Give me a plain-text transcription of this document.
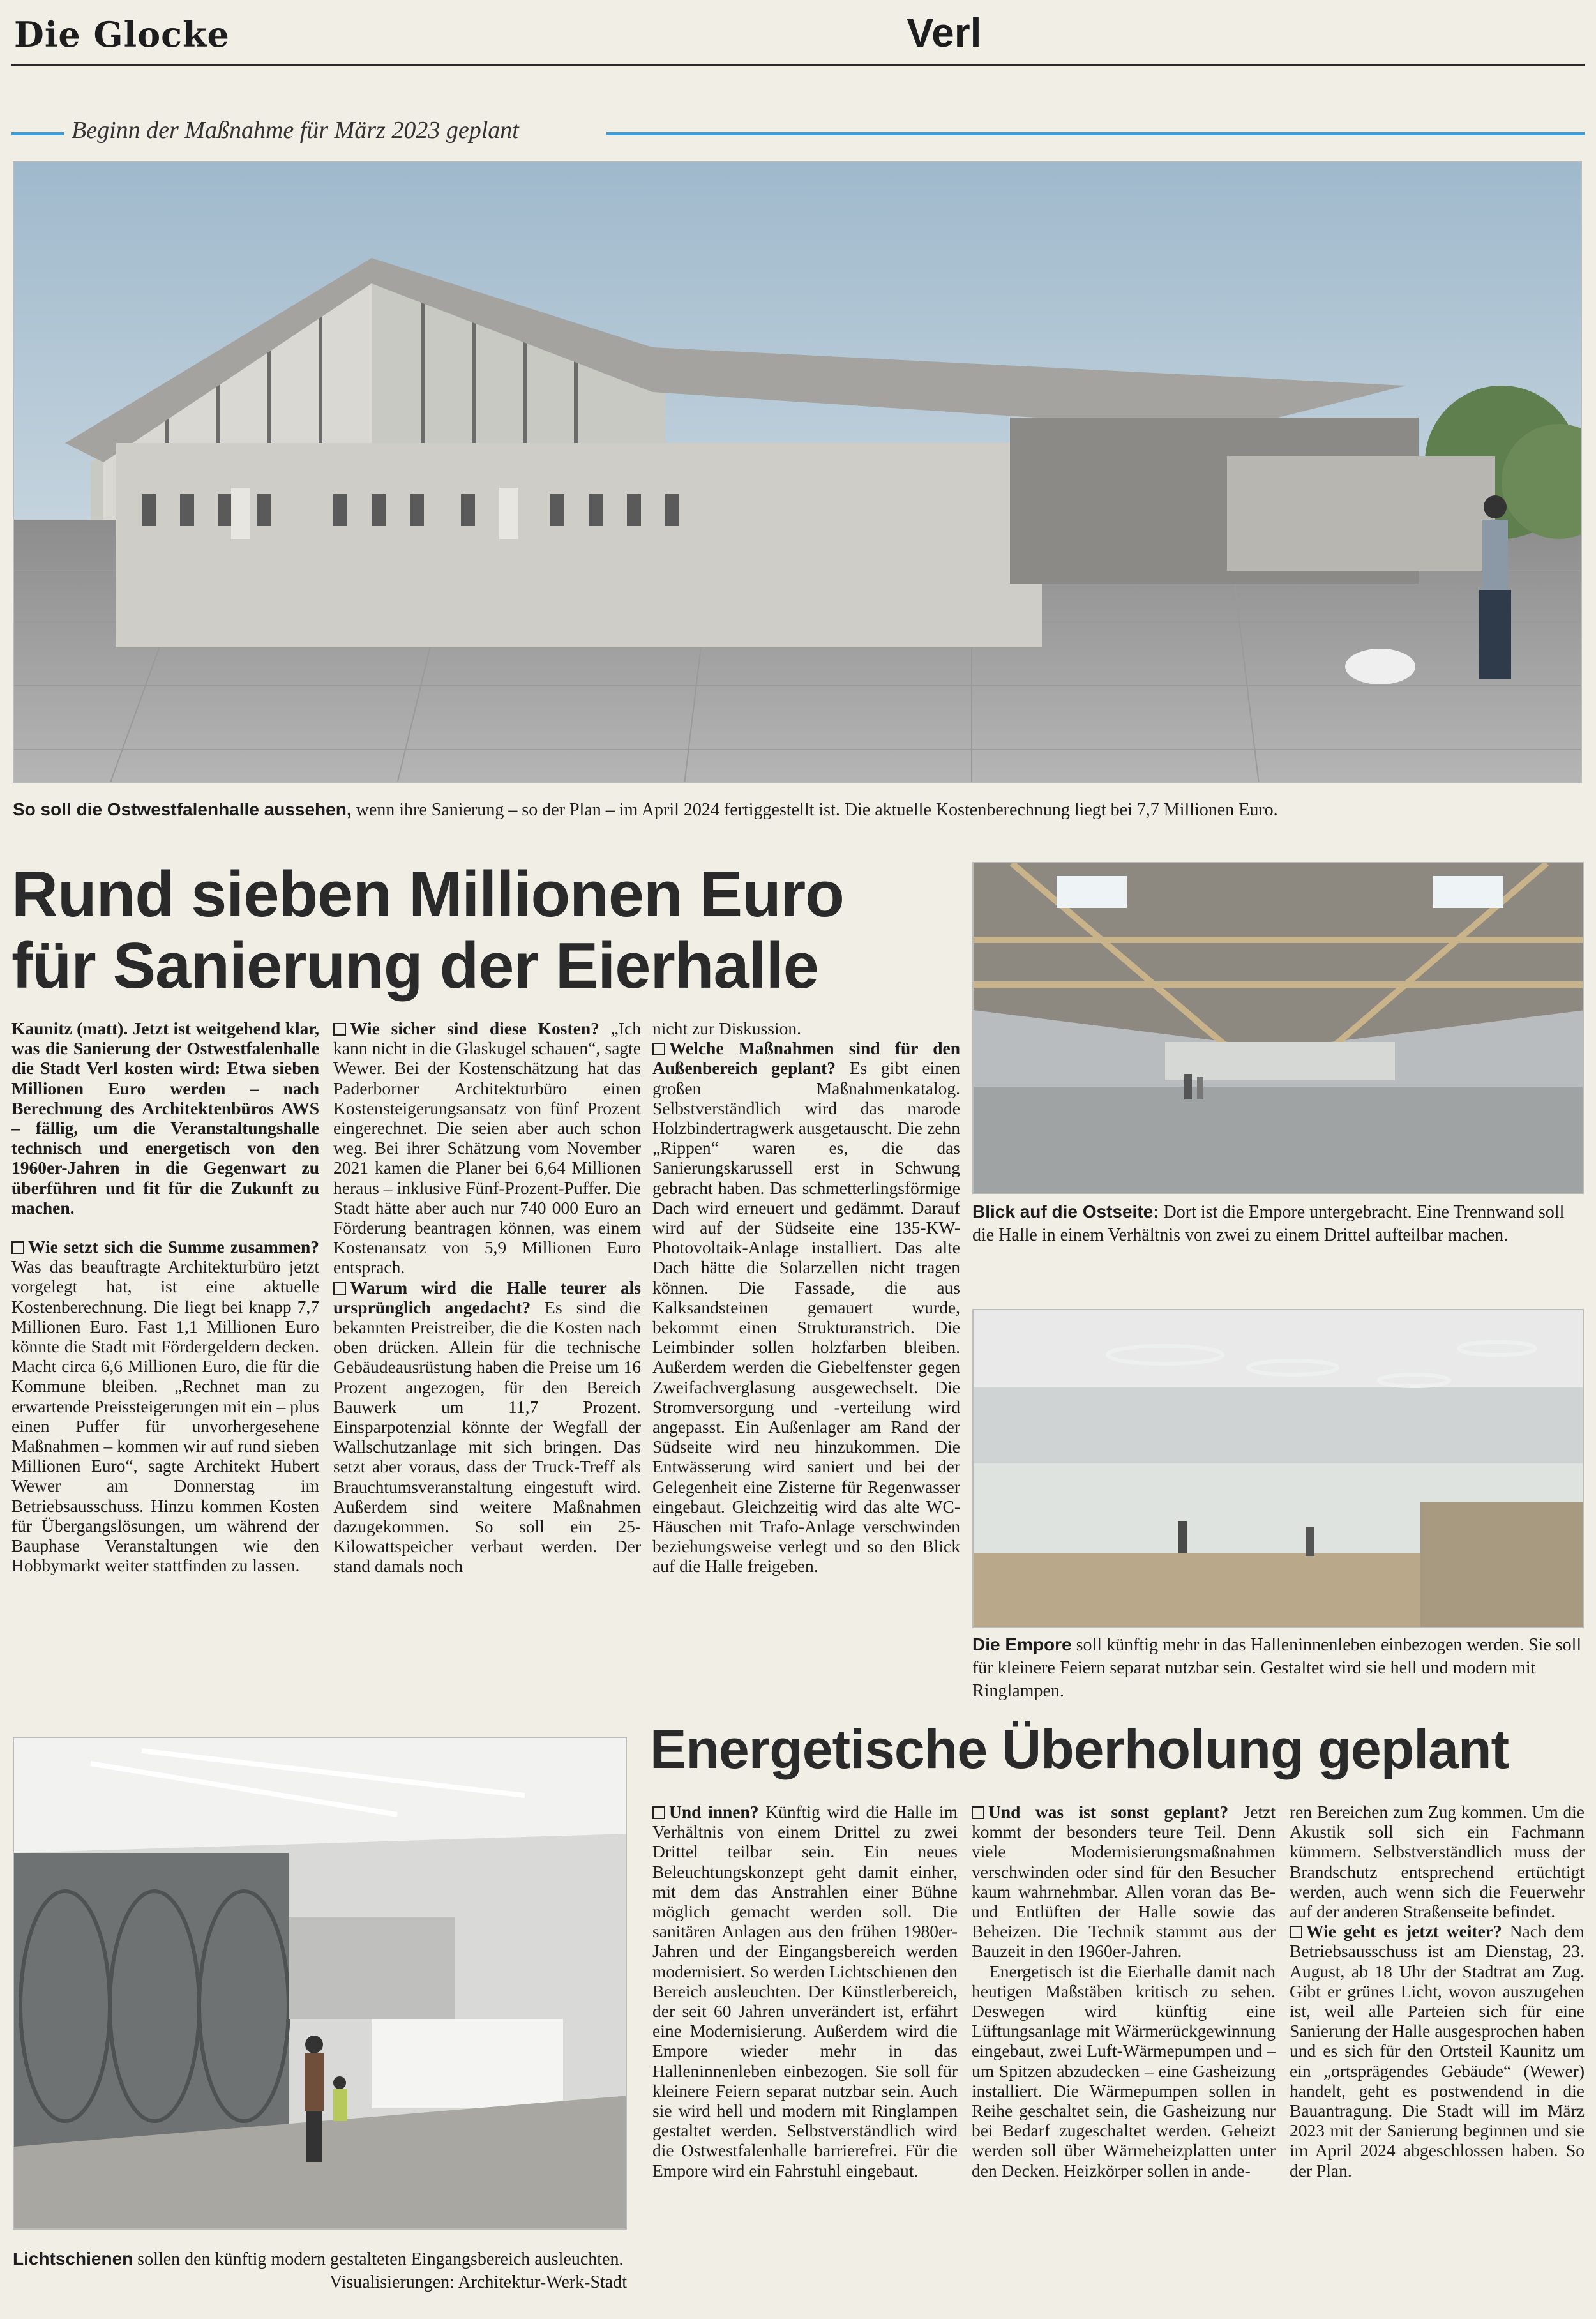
Die Glocke	Verl
Beginn der Maßnahme für März 2023 geplant
So soll die Ostwestfalenhalle aussehen, wenn ihre Sanierung – so der Plan – im April 2024 fertiggestellt ist. Die aktuelle Kostenberechnung liegt bei 7,7 Millionen Euro.
Rund sieben Millionen Euro
für Sanierung der Eierhalle

Kaunitz (matt). Jetzt ist weitgehend klar, was die Sanierung der Ostwestfalenhalle die Stadt Verl kosten wird: Etwa sieben Millionen Euro werden – nach Berechnung des Architektenbüros AWS – fällig, um die Veranstaltungshalle technisch und energetisch von den 1960er-Jahren in die Gegenwart zu überführen und fit für die Zukunft zu machen.

Wie setzt sich die Summe zusammen? Was das beauftragte Architekturbüro jetzt vorgelegt hat, ist eine aktuelle Kostenberechnung. Die liegt bei knapp 7,7 Millionen Euro. Fast 1,1 Millionen Euro könnte die Stadt mit Fördergeldern decken. Macht circa 6,6 Millionen Euro, die für die Kommune bleiben. „Rechnet man zu erwartende Preissteigerungen mit ein – plus einen Puffer für unvorhergesehene Maßnahmen – kommen wir auf rund sieben Millionen Euro“, sagte Architekt Hubert Wewer am Donnerstag im Betriebsausschuss. Hinzu kommen Kosten für Übergangslösungen, um während der Bauphase Veranstaltungen wie den Hobbymarkt weiter stattfinden zu lassen.

Wie sicher sind diese Kosten? „Ich kann nicht in die Glaskugel schauen“, sagte Wewer. Bei der Kostenschätzung hat das Paderborner Architekturbüro einen Kostensteigerungsansatz von fünf Prozent eingerechnet. Die seien aber auch schon weg. Bei ihrer Schätzung vom November 2021 kamen die Planer bei 6,64 Millionen heraus – inklusive Fünf-Prozent-Puffer. Die Stadt hätte aber auch nur 740 000 Euro an Förderung beantragen können, was einem Kostenansatz von 5,9 Millionen Euro entsprach.

Warum wird die Halle teurer als ursprünglich angedacht? Es sind die bekannten Preistreiber, die die Kosten nach oben drücken. Allein für die technische Gebäudeausrüstung haben die Preise um 16 Prozent angezogen, für den Bereich Bauwerk um 11,7 Prozent. Einsparpotenzial könnte der Wegfall der Wallschutzanlage mit sich bringen. Das setzt aber voraus, dass der Truck-Treff als Brauchtumsveranstaltung eingestuft wird. Außerdem sind weitere Maßnahmen dazugekommen. So soll ein 25-Kilowattspeicher verbaut werden. Der stand damals noch

nicht zur Diskussion.

Welche Maßnahmen sind für den Außenbereich geplant? Es gibt einen großen Maßnahmenkatalog. Selbstverständlich wird das marode Holzbindertragwerk ausgetauscht. Die zehn „Rippen“ waren es, die das Sanierungskarussell erst in Schwung gebracht haben. Das schmetterlingsförmige Dach wird erneuert und gedämmt. Darauf wird auf der Südseite eine 135-KW-Photovoltaik-Anlage installiert. Das alte Dach hätte die Solarzellen nicht tragen können. Die Fassade, die aus Kalksandsteinen gemauert wurde, bekommt einen Strukturanstrich. Die Leimbinder sollen holzfarben bleiben. Außerdem werden die Giebelfenster gegen Zweifachverglasung ausgewechselt. Die Stromversorgung und -verteilung wird angepasst. Ein Außenlager am Rand der Südseite wird neu hinzukommen. Die Entwässerung wird saniert und bei der Gelegenheit eine Zisterne für Regenwasser eingebaut. Gleichzeitig wird das alte WC-Häuschen mit Trafo-Anlage verschwinden beziehungsweise verlegt und so den Blick auf die Halle freigeben.

Blick auf die Ostseite: Dort ist die Empore untergebracht. Eine Trennwand soll die Halle in einem Verhältnis von zwei zu einem Drittel aufteilbar machen.
Die Empore soll künftig mehr in das Halleninnenleben einbezogen werden. Sie soll für kleinere Feiern separat nutzbar sein. Gestaltet wird sie hell und modern mit Ringlampen.
Lichtschienen sollen den künftig modern gestalteten Eingangsbereich ausleuchten.
Visualisierungen: Architektur-Werk-Stadt
Energetische Überholung geplant

Und innen? Künftig wird die Halle im Verhältnis von einem Drittel zu zwei Drittel teilbar sein. Ein neues Beleuchtungskonzept geht damit einher, mit dem das Anstrahlen einer Bühne möglich gemacht werden soll. Die sanitären Anlagen aus den frühen 1980er-Jahren und der Eingangsbereich werden modernisiert. So werden Lichtschienen den Bereich ausleuchten. Der Künstlerbereich, der seit 60 Jahren unverändert ist, erfährt eine Modernisierung. Außerdem wird die Empore wieder mehr in das Halleninnenleben einbezogen. Sie soll für kleinere Feiern separat nutzbar sein. Auch sie wird hell und modern mit Ringlampen gestaltet werden. Selbstverständlich wird die Ostwestfalenhalle barrierefrei. Für die Empore wird ein Fahrstuhl eingebaut.

Und was ist sonst geplant? Jetzt kommt der besonders teure Teil. Denn viele Modernisierungsmaßnahmen verschwinden oder sind für den Besucher kaum wahrnehmbar. Allen voran das Be- und Entlüften der Halle sowie das Beheizen. Die Technik stammt aus der Bauzeit in den 1960er-Jahren.

Energetisch ist die Eierhalle damit nach heutigen Maßstäben kritisch zu sehen. Deswegen wird künftig eine Lüftungsanlage mit Wärmerückgewinnung eingebaut, zwei Luft-Wärmepumpen und – um Spitzen abzudecken – eine Gasheizung installiert. Die Wärmepumpen sollen in Reihe geschaltet sein, die Gasheizung nur bei Bedarf zugeschaltet werden. Geheizt werden soll über Wärmeheizplatten unter den Decken. Heizkörper sollen in ande-

ren Bereichen zum Zug kommen. Um die Akustik soll sich ein Fachmann kümmern. Selbstverständlich muss der Brandschutz entsprechend ertüchtigt werden, auch wenn sich die Feuerwehr auf der anderen Straßenseite befindet.

Wie geht es jetzt weiter? Nach dem Betriebsausschuss ist am Dienstag, 23. August, ab 18 Uhr der Stadtrat am Zug. Gibt er grünes Licht, wovon auszugehen ist, weil alle Parteien sich für eine Sanierung der Halle ausgesprochen haben und es sich für den Ortsteil Kaunitz um ein „ortsprägendes Gebäude“ (Wewer) handelt, geht es postwendend in die Bauantragung. Die Stadt will im März 2023 mit der Sanierung beginnen und sie im April 2024 abgeschlossen haben. So der Plan.
